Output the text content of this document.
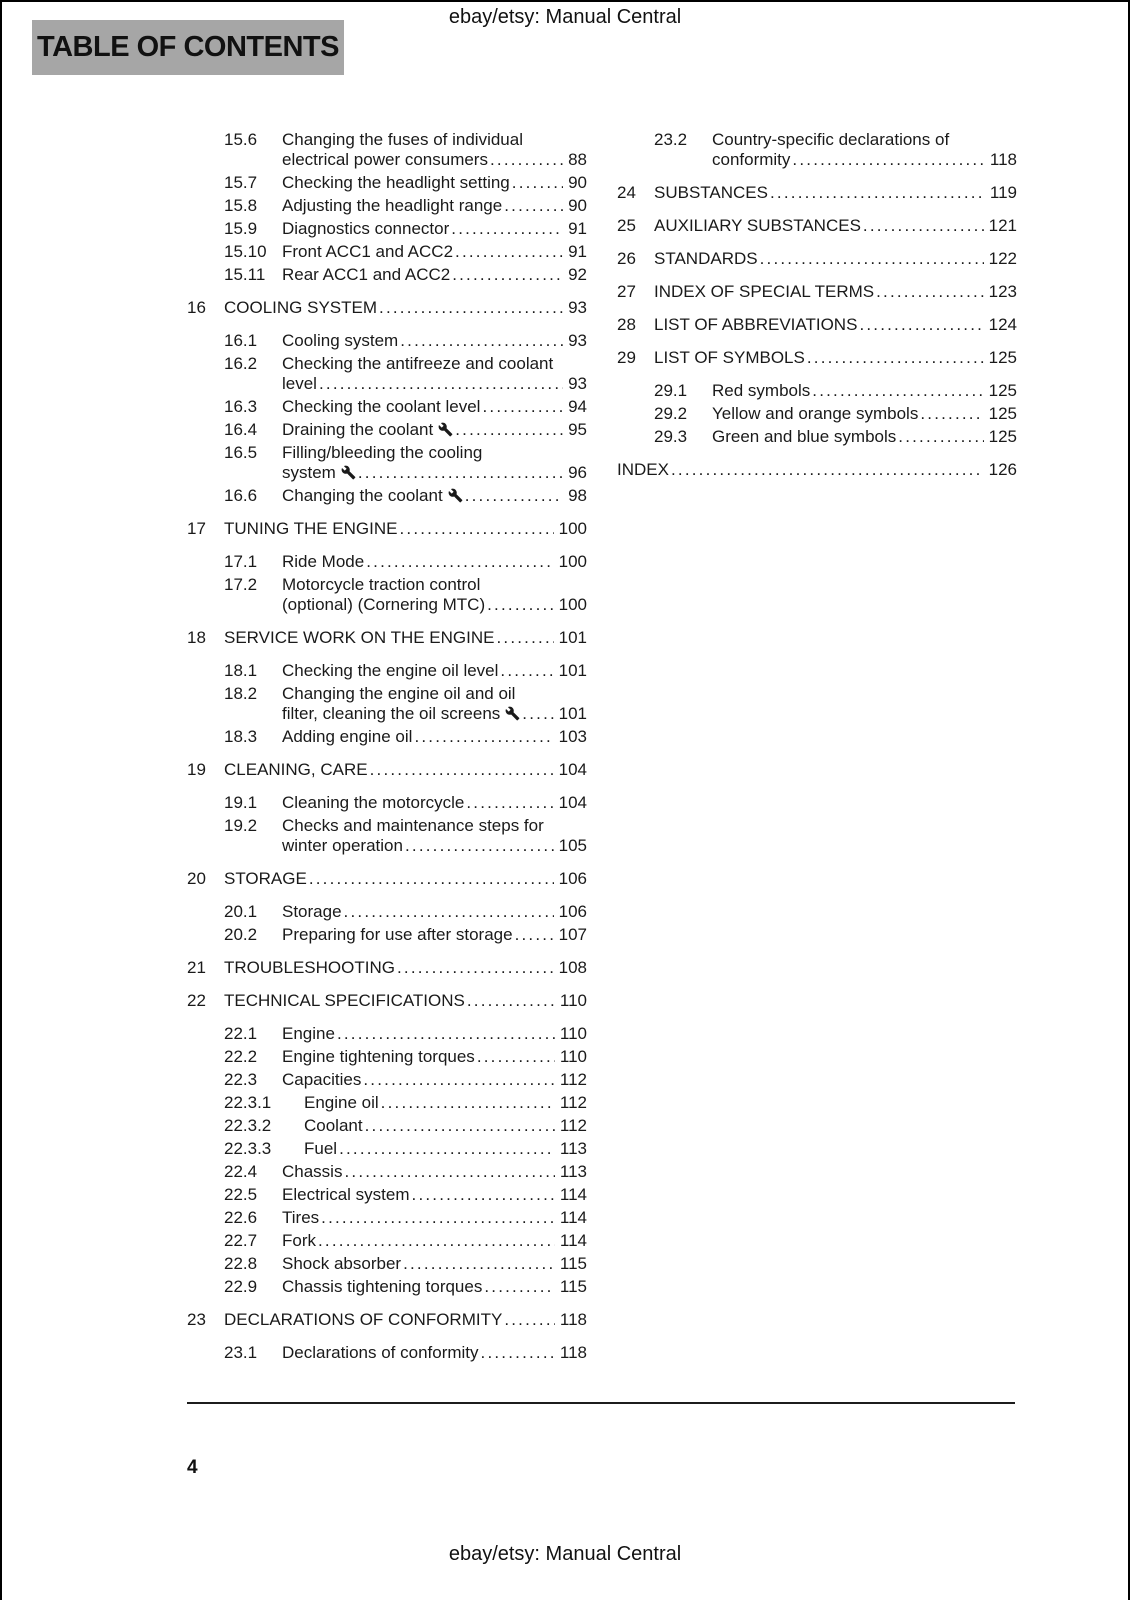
ebay/etsy: Manual Central
TABLE OF CONTENTS
15.6	Changing the fuses of individual
electrical power consumers .....	88
15.7	Checking the headlight setting .....	90
15.8	Adjusting the headlight range .....	90
15.9	Diagnostics connector .....	91
15.10 Front ACC1 and ACC2 .....	91
15.11 Rear ACC1 and ACC2 .....	92
16	COOLING SYSTEM .....	93
16.1	Cooling system .....	93
16.2	Checking the antifreeze and coolant
level .....	93
16.3	Checking the coolant level .....	94
16.4	Draining the coolant .....	95
16.5	Filling/bleeding the cooling
system .....	96
16.6	Changing the coolant .....	98
17	TUNING THE ENGINE .....	100
17.1	Ride Mode .....	100
17.2	Motorcycle traction control
(optional) (Cornering MTC) .....	100
18	SERVICE WORK ON THE ENGINE .....	101
18.1	Checking the engine oil level .....	101
18.2	Changing the engine oil and oil
filter, cleaning the oil screens .....	101
18.3	Adding engine oil .....	103
19	CLEANING, CARE .....	104
19.1	Cleaning the motorcycle .....	104
19.2	Checks and maintenance steps for
winter operation .....	105
20	STORAGE .....	106
20.1	Storage .....	106
20.2	Preparing for use after storage .....	107
21	TROUBLESHOOTING .....	108
22	TECHNICAL SPECIFICATIONS .....	110
22.1	Engine .....	110
22.2	Engine tightening torques .....	110
22.3	Capacities .....	112
22.3.1	Engine oil .....	112
22.3.2	Coolant .....	112
22.3.3	Fuel .....	113
22.4	Chassis .....	113
22.5	Electrical system .....	114
22.6	Tires .....	114
22.7	Fork .....	114
22.8	Shock absorber .....	115
22.9	Chassis tightening torques .....	115
23	DECLARATIONS OF CONFORMITY .....	118
23.1	Declarations of conformity .....	118
23.2	Country-specific declarations of
conformity .....	118
24	SUBSTANCES .....	119
25	AUXILIARY SUBSTANCES .....	121
26	STANDARDS .....	122
27	INDEX OF SPECIAL TERMS .....	123
28	LIST OF ABBREVIATIONS .....	124
29	LIST OF SYMBOLS .....	125
29.1	Red symbols .....	125
29.2	Yellow and orange symbols .....	125
29.3	Green and blue symbols .....	125
INDEX .....	126
4
ebay/etsy: Manual Central
